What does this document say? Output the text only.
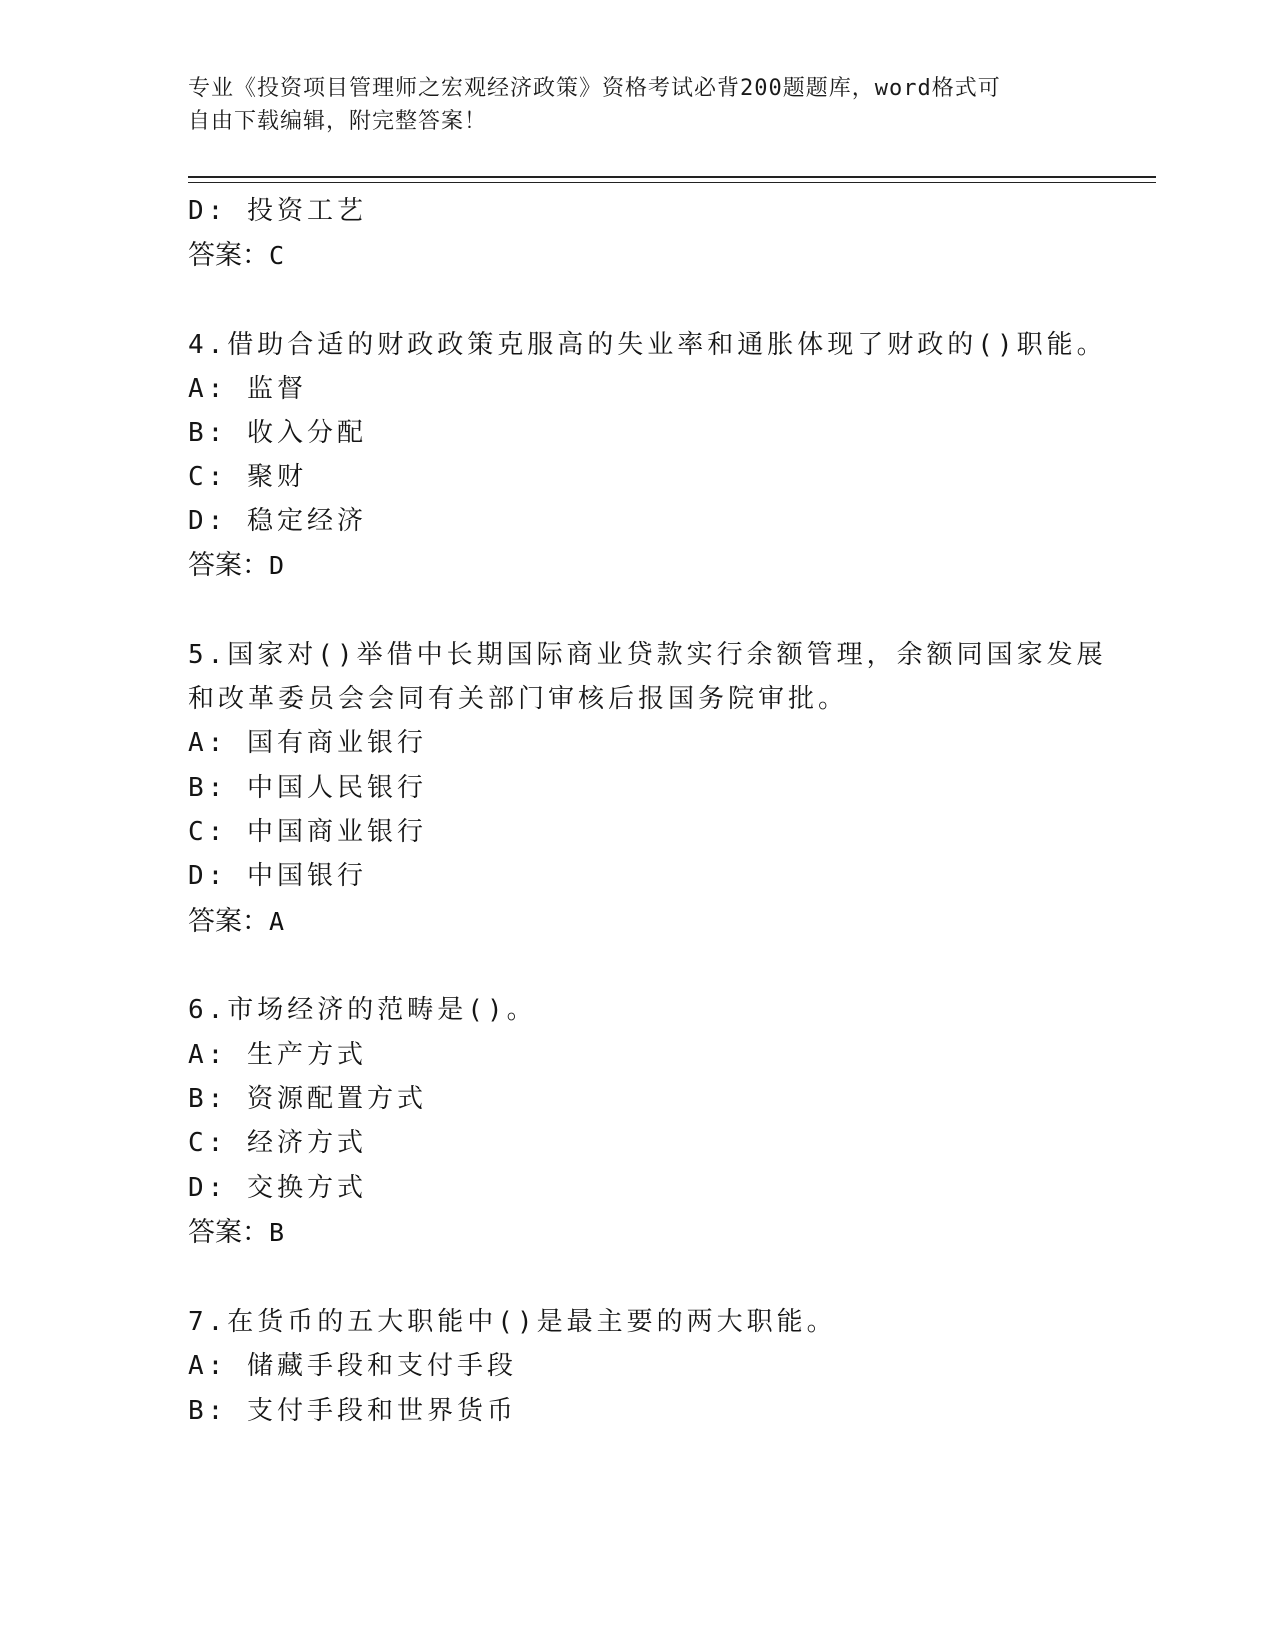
专业《投资项目管理师之宏观经济政策》资格考试必背200题题库，word格式可
自由下载编辑，附完整答案！
D: 投资工艺
答案：C
4.借助合适的财政政策克服高的失业率和通胀体现了财政的()职能。
A: 监督
B: 收入分配
C: 聚财
D: 稳定经济
答案：D
5.国家对()举借中长期国际商业贷款实行余额管理，余额同国家发展
和改革委员会会同有关部门审核后报国务院审批。
A: 国有商业银行
B: 中国人民银行
C: 中国商业银行
D: 中国银行
答案：A
6.市场经济的范畴是()。
A: 生产方式
B: 资源配置方式
C: 经济方式
D: 交换方式
答案：B
7.在货币的五大职能中()是最主要的两大职能。
A: 储藏手段和支付手段
B: 支付手段和世界货币
